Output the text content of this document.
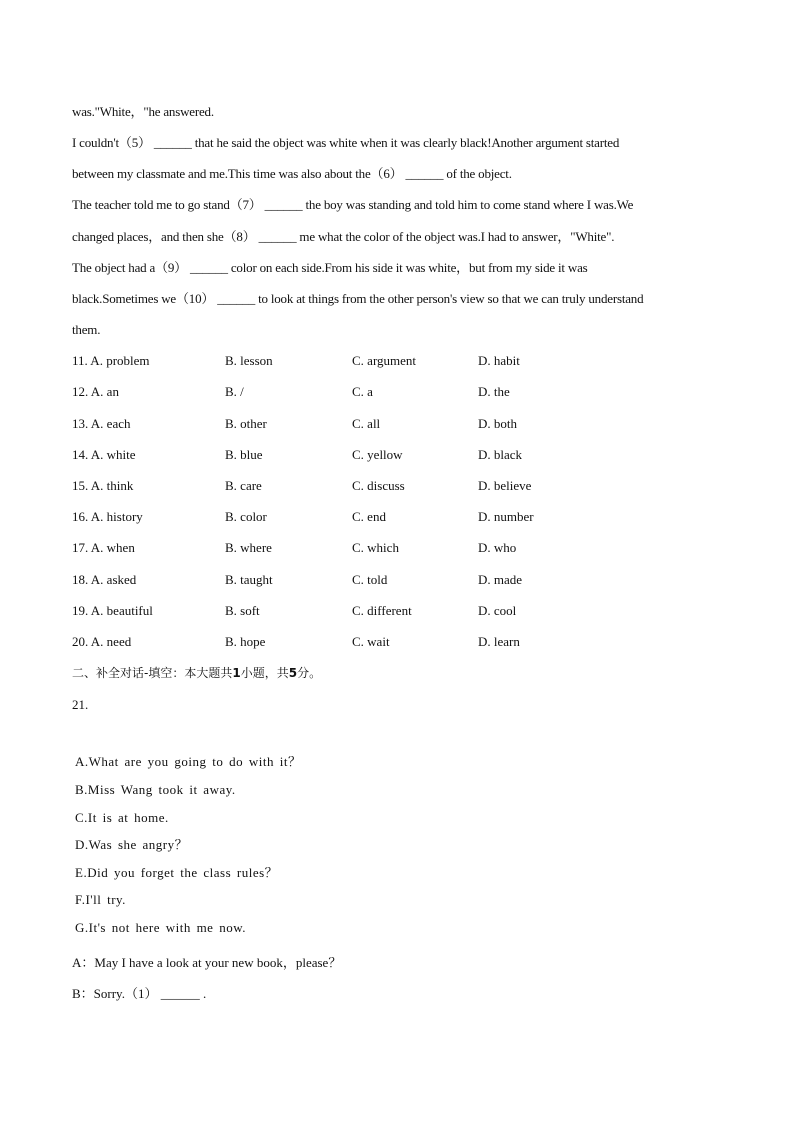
was."White，"he answered.
I couldn't（5） ______ that he said the object was white when it was clearly black!Another argument started
between my classmate and me.This time was also about the（6） ______ of the object.
The teacher told me to go stand（7） ______ the boy was standing and told him to come stand where I was.We
changed places，and then she（8） ______ me what the color of the object was.I had to answer，"White".
The object had a（9） ______ color on each side.From his side it was white，but from my side it was
black.Sometimes we（10） ______ to look at things from the other person's view so that we can truly understand
them.
11. A. problem	B. lesson	C. argument	D. habit
12. A. an	B. /	C. a	D. the
13. A. each	B. other	C. all	D. both
14. A. white	B. blue	C. yellow	D. black
15. A. think	B. care	C. discuss	D. believe
16. A. history	B. color	C. end	D. number
17. A. when	B. where	C. which	D. who
18. A. asked	B. taught	C. told	D. made
19. A. beautiful	B. soft	C. different	D. cool
20. A. need	B. hope	C. wait	D. learn
二、补全对话-填空：本大题共1小题，共5分。
21.
A.What are you going to do with it？
B.Miss Wang took it away.
C.It is at home.
D.Was she angry？
E.Did you forget the class rules？
F.I'll try.
G.It's not here with me now.
A：May I have a look at your new book，please？
B：Sorry.（1） ______ .
